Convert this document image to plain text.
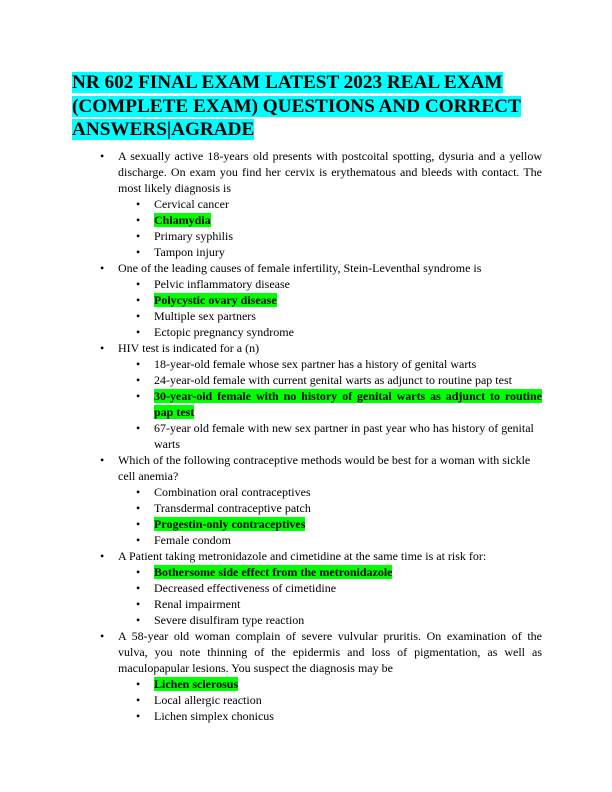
NR 602 FINAL EXAM LATEST 2023 REAL EXAM
(COMPLETE EXAM) QUESTIONS AND CORRECT
ANSWERS|AGRADE
• A sexually active 18-years old presents with postcoital spotting, dysuria and a yellow discharge. On exam you find her cervix is erythematous and bleeds with contact. The most likely diagnosis is
• Cervical cancer
• Chlamydia
• Primary syphilis
• Tampon injury
• One of the leading causes of female infertility, Stein-Leventhal syndrome is
• Pelvic inflammatory disease
• Polycystic ovary disease
• Multiple sex partners
• Ectopic pregnancy syndrome
• HIV test is indicated for a (n)
• 18-year-old female whose sex partner has a history of genital warts
• 24-year-old female with current genital warts as adjunct to routine pap test
• 30-year-old female with no history of genital warts as adjunct to routine pap test
• 67-year old female with new sex partner in past year who has history of genital warts
• Which of the following contraceptive methods would be best for a woman with sickle cell anemia?
• Combination oral contraceptives
• Transdermal contraceptive patch
• Progestin-only contraceptives
• Female condom
• A Patient taking metronidazole and cimetidine at the same time is at risk for:
• Bothersome side effect from the metronidazole
• Decreased effectiveness of cimetidine
• Renal impairment
• Severe disulfiram type reaction
• A 58-year old woman complain of severe vulvular pruritis. On examination of the vulva, you note thinning of the epidermis and loss of pigmentation, as well as maculopapular lesions. You suspect the diagnosis may be
• Lichen sclerosus
• Local allergic reaction
• Lichen simplex chonicus
